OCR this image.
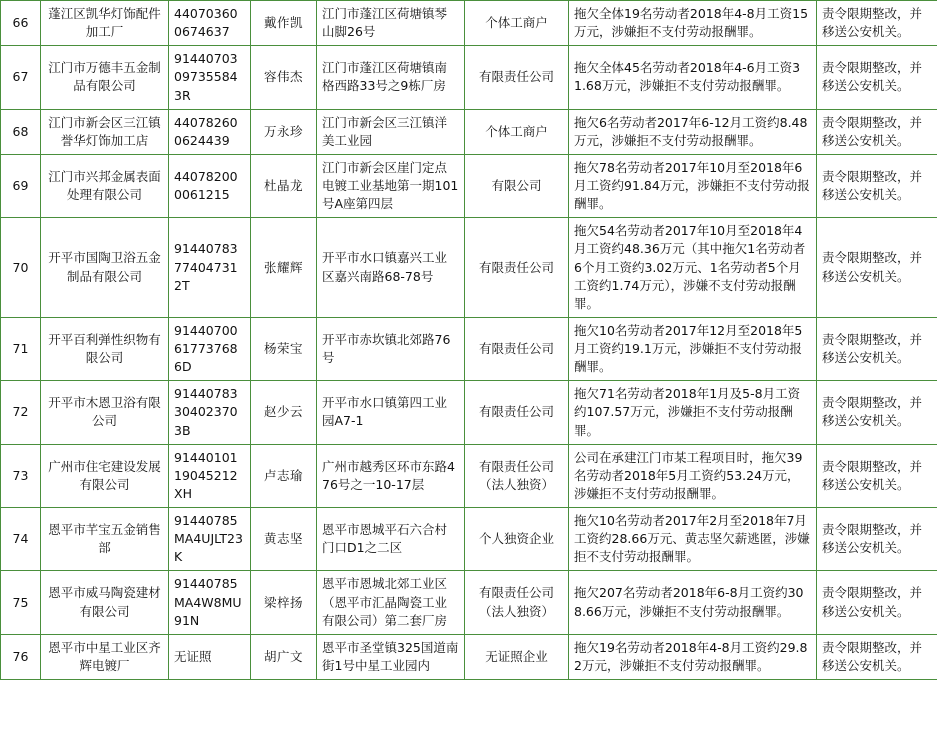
66	蓬江区凯华灯饰配件加工厂	440703600674637	戴作凯	江门市蓬江区荷塘镇琴山脚26号	个体工商户	拖欠全体19名劳动者2018年4-8月工资15万元，涉嫌拒不支付劳动报酬罪。	责令限期整改，并移送公安机关。
67	江门市万德丰五金制品有限公司	91440703097355843R	容伟杰	江门市蓬江区荷塘镇南格西路33号之9栋厂房	有限责任公司	拖欠全体45名劳动者2018年4-6月工资31.68万元，涉嫌拒不支付劳动报酬罪。	责令限期整改，并移送公安机关。
68	江门市新会区三江镇誉华灯饰加工店	440782600624439	万永珍	江门市新会区三江镇洋美工业园	个体工商户	拖欠6名劳动者2017年6-12月工资约8.48万元，涉嫌拒不支付劳动报酬罪。	责令限期整改，并移送公安机关。
69	江门市兴邦金属表面处理有限公司	440782000061215	杜晶龙	江门市新会区崖门定点电镀工业基地第一期101号A座第四层	有限公司	拖欠78名劳动者2017年10月至2018年6月工资约91.84万元，涉嫌拒不支付劳动报酬罪。	责令限期整改，并移送公安机关。
70	开平市国陶卫浴五金制品有限公司	91440783774047312T	张耀辉	开平市水口镇嘉兴工业区嘉兴南路68-78号	有限责任公司	拖欠54名劳动者2017年10月至2018年4月工资约48.36万元（其中拖欠1名劳动者6个月工资约3.02万元、1名劳动者5个月工资约1.74万元），涉嫌不支付劳动报酬罪。	责令限期整改，并移送公安机关。
71	开平百利弹性织物有限公司	91440700617737686D	杨荣宝	开平市赤坎镇北郊路76号	有限责任公司	拖欠10名劳动者2017年12月至2018年5月工资约19.1万元，涉嫌拒不支付劳动报酬罪。	责令限期整改，并移送公安机关。
72	开平市木恩卫浴有限公司	91440783304023703B	赵少云	开平市水口镇第四工业园A7-1	有限责任公司	拖欠71名劳动者2018年1月及5-8月工资约107.57万元，涉嫌拒不支付劳动报酬罪。	责令限期整改，并移送公安机关。
73	广州市住宅建设发展有限公司	9144010119045212XH	卢志瑜	广州市越秀区环市东路476号之一10-17层	有限责任公司（法人独资）	公司在承建江门市某工程项目时，拖欠39名劳动者2018年5月工资约53.24万元，涉嫌拒不支付劳动报酬罪。	责令限期整改，并移送公安机关。
74	恩平市芊宝五金销售部	91440785MA4UJLT23K	黄志坚	恩平市恩城平石六合村门口D1之二区	个人独资企业	拖欠10名劳动者2017年2月至2018年7月工资约28.66万元、黄志坚欠薪逃匿，涉嫌拒不支付劳动报酬罪。	责令限期整改，并移送公安机关。
75	恩平市威马陶瓷建材有限公司	91440785MA4W8MU91N	梁梓扬	恩平市恩城北郊工业区（恩平市汇晶陶瓷工业有限公司）第二套厂房	有限责任公司（法人独资）	拖欠207名劳动者2018年6-8月工资约308.66万元，涉嫌拒不支付劳动报酬罪。	责令限期整改，并移送公安机关。
76	恩平市中星工业区齐辉电镀厂	无证照	胡广文	恩平市圣堂镇325国道南街1号中星工业园内	无证照企业	拖欠19名劳动者2018年4-8月工资约29.82万元，涉嫌拒不支付劳动报酬罪。	责令限期整改，并移送公安机关。
